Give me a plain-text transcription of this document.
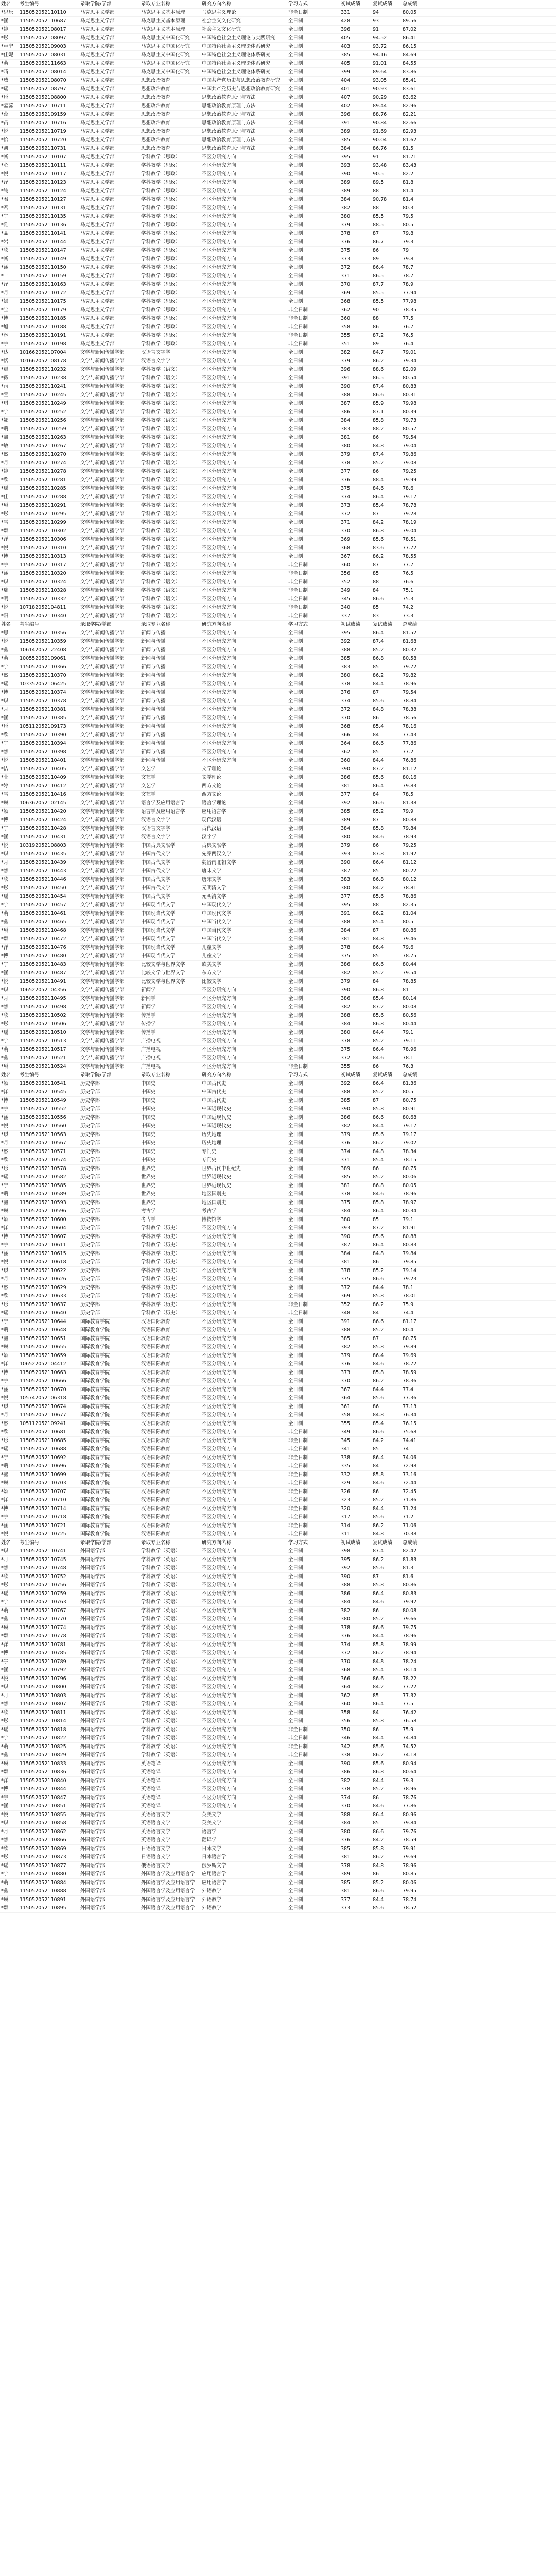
姓名	考生编号	录取学院/学部	录取专业名称	研究方向名称	学习方式	初试成绩	复试成绩	总成绩	
*思乐	115052052110110	马克思主义学部	马克思主义基本原理	马克思主义理论	非全日制	331	94	80.05	
*涵	115052052110687	马克思主义学部	马克思主义基本原理	社会主义文化研究	全日制	428	93	89.56	
*婷	115052052108017	马克思主义学部	马克思主义基本原理	社会主义文化研究	全日制	396	91	87.02	
*彤	115052052108097	马克思主义学部	马克思主义中国化研究	中国特色社会主义理论与实践研究	全日制	405	94.52	86.41	
*卓宁	115052052109003	马克思主义学部	马克思主义中国化研究	中国特色社会主义理论体系研究	全日制	403	93.72	86.15	
*佳妮	115052052108031	马克思主义学部	马克思主义中国化研究	中国特色社会主义理论体系研究	全日制	385	94.16	84.69	
*萌	115052052111663	马克思主义学部	马克思主义中国化研究	中国特色社会主义理论体系研究	全日制	405	91.01	84.55	
*晴	115052052108014	马克思主义学部	马克思主义中国化研究	中国特色社会主义理论体系研究	全日制	399	89.64	83.86	
*威	115052052108070	马克思主义学部	思想政治教育	中国共产党历史与思想政治教育研究	全日制	404	93.05	85.41	
*瑶	115052052108797	马克思主义学部	思想政治教育	中国共产党历史与思想政治教育研究	全日制	401	90.93	83.61	
*彤	115052052108800	马克思主义学部	思想政治教育	思想政治教育原理与方法	全日制	407	90.29	83.62	
*孟蕊	115052052110711	马克思主义学部	思想政治教育	思想政治教育原理与方法	全日制	402	89.44	82.96	
*蕊	115052052109159	马克思主义学部	思想政治教育	思想政治教育原理与方法	全日制	396	88.76	82.21	
*芮	115052052110716	马克思主义学部	思想政治教育	思想政治教育原理与方法	全日制	391	90.84	82.66	
*悦	115052052110719	马克思主义学部	思想政治教育	思想政治教育原理与方法	全日制	389	91.69	82.93	
*怡	115052052110720	马克思主义学部	思想政治教育	思想政治教育原理与方法	全日制	385	90.04	81.62	
*凯	115052052110731	马克思主义学部	思想政治教育	思想政治教育原理与方法	全日制	384	86.76	81.5	
*畅	115052052110107	马克思主义学部	学科教学（思政）	不区分研究方向	全日制	395	91	81.71	
*心	115052052110111	马克思主义学部	学科教学（思政）	不区分研究方向	全日制	393	93.48	83.43	
*悦	115052052110117	马克思主义学部	学科教学（思政）	不区分研究方向	全日制	390	90.5	82.2	
*泽	115052052110123	马克思主义学部	学科教学（思政）	不区分研究方向	全日制	389	89.5	81.8	
*纯	115052052110124	马克思主义学部	学科教学（思政）	不区分研究方向	全日制	389	88	81.4	
*君	115052052110127	马克思主义学部	学科教学（思政）	不区分研究方向	全日制	384	90.78	81.4	
*茗	115052052110131	马克思主义学部	学科教学（思政）	不区分研究方向	全日制	382	88	80.3	
*宇	115052052110135	马克思主义学部	学科教学（思政）	不区分研究方向	全日制	380	85.5	79.5	
*雅	115052052110136	马克思主义学部	学科教学（思政）	不区分研究方向	全日制	379	88.5	80.5	
*晶	115052052110141	马克思主义学部	学科教学（思政）	不区分研究方向	全日制	378	87	79.8	
*岩	115052052110144	马克思主义学部	学科教学（思政）	不区分研究方向	全日制	376	86.7	79.3	
*欣	115052052110147	马克思主义学部	学科教学（思政）	不区分研究方向	全日制	375	86	79	
*畅	115052052110149	马克思主义学部	学科教学（思政）	不区分研究方向	全日制	373	89	79.8	
*涵	115052052110150	马克思主义学部	学科教学（思政）	不区分研究方向	全日制	372	86.4	78.7	
*一	115052052110159	马克思主义学部	学科教学（思政）	不区分研究方向	全日制	371	86.5	78.7	
*泽	115052052110163	马克思主义学部	学科教学（思政）	不区分研究方向	全日制	370	87.7	78.9	
*月	115052052110172	马克思主义学部	学科教学（思政）	不区分研究方向	全日制	369	85.5	77.94	
*嫣	115052052110175	马克思主义学部	学科教学（思政）	不区分研究方向	全日制	368	85.5	77.98	
*宝	115052052110179	马克思主义学部	学科教学（思政）	不区分研究方向	非全日制	362	90	78.35	
*博	115052052110185	马克思主义学部	学科教学（思政）	不区分研究方向	非全日制	360	88	77.5	
*旭	115052052110188	马克思主义学部	学科教学（思政）	不区分研究方向	非全日制	358	86	76.7	
*林	115052052110191	马克思主义学部	学科教学（思政）	不区分研究方向	非全日制	355	87.2	76.5	
*宇	115052052110198	马克思主义学部	学科教学（思政）	不区分研究方向	非全日制	351	89	76.4	
*达	101662052107004	文学与新闻传播学部	汉语言文字学	不区分研究方向	全日制	382	84.7	79.01	
*恬	101662052108178	文学与新闻传播学部	汉语言文字学	不区分研究方向	全日制	379	86.2	79.34	
*晨	115052052110232	文学与新闻传播学部	学科教学（语文）	不区分研究方向	全日制	396	88.6	82.09	
*薇	115052052110238	文学与新闻传播学部	学科教学（语文）	不区分研究方向	全日制	391	86.5	80.54	
*雨	115052052110241	文学与新闻传播学部	学科教学（语文）	不区分研究方向	全日制	390	87.4	80.83	
*萱	115052052110245	文学与新闻传播学部	学科教学（语文）	不区分研究方向	全日制	388	86.6	80.31	
*琪	115052052110249	文学与新闻传播学部	学科教学（语文）	不区分研究方向	全日制	387	85.9	79.98	
*宁	115052052110252	文学与新闻传播学部	学科教学（语文）	不区分研究方向	全日制	386	87.1	80.39	
*娜	115052052110256	文学与新闻传播学部	学科教学（语文）	不区分研究方向	全日制	384	85.8	79.73	
*萌	115052052110259	文学与新闻传播学部	学科教学（语文）	不区分研究方向	全日制	383	88.2	80.57	
*鑫	115052052110263	文学与新闻传播学部	学科教学（语文）	不区分研究方向	全日制	381	86	79.54	
*敏	115052052110267	文学与新闻传播学部	学科教学（语文）	不区分研究方向	全日制	380	84.8	79.04	
*然	115052052110270	文学与新闻传播学部	学科教学（语文）	不区分研究方向	全日制	379	87.4	79.86	
*月	115052052110274	文学与新闻传播学部	学科教学（语文）	不区分研究方向	全日制	378	85.2	79.08	
*婷	115052052110278	文学与新闻传播学部	学科教学（语文）	不区分研究方向	全日制	377	86	79.25	
*欣	115052052110281	文学与新闻传播学部	学科教学（语文）	不区分研究方向	全日制	376	88.4	79.99	
*瑶	115052052110285	文学与新闻传播学部	学科教学（语文）	不区分研究方向	全日制	375	84.6	78.6	
*佳	115052052110288	文学与新闻传播学部	学科教学（语文）	不区分研究方向	全日制	374	86.4	79.17	
*琳	115052052110291	文学与新闻传播学部	学科教学（语文）	不区分研究方向	全日制	373	85.4	78.78	
*彤	115052052110295	文学与新闻传播学部	学科教学（语文）	不区分研究方向	全日制	372	87	79.28	
*雪	115052052110299	文学与新闻传播学部	学科教学（语文）	不区分研究方向	全日制	371	84.2	78.19	
*颖	115052052110302	文学与新闻传播学部	学科教学（语文）	不区分研究方向	全日制	370	86.8	79.04	
*洋	115052052110306	文学与新闻传播学部	学科教学（语文）	不区分研究方向	全日制	369	85.6	78.51	
*悦	115052052110310	文学与新闻传播学部	学科教学（语文）	不区分研究方向	全日制	368	83.6	77.72	
*博	115052052110313	文学与新闻传播学部	学科教学（语文）	不区分研究方向	全日制	367	86.2	78.55	
*宇	115052052110317	文学与新闻传播学部	学科教学（语文）	不区分研究方向	非全日制	360	87	77.7	
*涵	115052052110320	文学与新闻传播学部	学科教学（语文）	不区分研究方向	非全日制	356	85	76.5	
*琪	115052052110324	文学与新闻传播学部	学科教学（语文）	不区分研究方向	非全日制	352	88	76.6	
*瑞	115052052110328	文学与新闻传播学部	学科教学（语文）	不区分研究方向	非全日制	349	84	75.1	
*明	115052052110332	文学与新闻传播学部	学科教学（语文）	不区分研究方向	非全日制	345	86.6	75.3	
*悦	107182052104811	文学与新闻传播学部	学科教学（语文）	不区分研究方向	非全日制	340	85	74.2	
*阳	115052052110340	文学与新闻传播学部	学科教学（语文）	不区分研究方向	非全日制	337	83	73.3	
姓名	考生编号	录取学院/学部	录取专业名称	研究方向名称	学习方式	初试成绩	复试成绩	总成绩	
*思	115052052110356	文学与新闻传播学部	新闻与传播	不区分研究方向	全日制	395	86.4	81.52	
*悦	115052052110359	文学与新闻传播学部	新闻与传播	不区分研究方向	全日制	392	87.4	81.68	
*鑫	106142052122408	文学与新闻传播学部	新闻与传播	不区分研究方向	全日制	388	85.2	80.32	
*萌	100552052109061	文学与新闻传播学部	新闻与传播	不区分研究方向	全日制	385	86.8	80.58	
*宁	115052052110366	文学与新闻传播学部	新闻与传播	不区分研究方向	全日制	383	85	79.72	
*然	115052052110370	文学与新闻传播学部	新闻与传播	不区分研究方向	全日制	380	86.2	79.82	
*瑶	103352052106425	文学与新闻传播学部	新闻与传播	不区分研究方向	全日制	378	84.4	78.96	
*博	115052052110374	文学与新闻传播学部	新闻与传播	不区分研究方向	全日制	376	87	79.54	
*琪	115052052110378	文学与新闻传播学部	新闻与传播	不区分研究方向	全日制	374	85.6	78.84	
*月	115052052110381	文学与新闻传播学部	新闻与传播	不区分研究方向	全日制	372	84.8	78.38	
*涵	115052052110385	文学与新闻传播学部	新闻与传播	不区分研究方向	全日制	370	86	78.56	
*彤	105112052109173	文学与新闻传播学部	新闻与传播	不区分研究方向	全日制	368	85.4	78.16	
*欣	115052052110390	文学与新闻传播学部	新闻与传播	不区分研究方向	全日制	366	84	77.43	
*宇	115052052110394	文学与新闻传播学部	新闻与传播	不区分研究方向	全日制	364	86.6	77.86	
*然	115052052110398	文学与新闻传播学部	新闻与传播	不区分研究方向	全日制	362	85	77.2	
*悦	115052052110401	文学与新闻传播学部	新闻与传播	不区分研究方向	全日制	360	84.4	76.86	
*洁	115052052110405	文学与新闻传播学部	文艺学	文学理论	全日制	390	87.2	81.12	
*萱	115052052110409	文学与新闻传播学部	文艺学	文学理论	全日制	386	85.6	80.16	
*婷	115052052110412	文学与新闻传播学部	文艺学	西方文论	全日制	381	86.4	79.83	
*雪	115052052110416	文学与新闻传播学部	文艺学	西方文论	全日制	377	84	78.5	
*琳	106362052102145	文学与新闻传播学部	语言学及应用语言学	语言学理论	全日制	392	86.6	81.38	
*颖	115052052110420	文学与新闻传播学部	语言学及应用语言学	应用语言学	全日制	385	85.2	79.9	
*博	115052052110424	文学与新闻传播学部	汉语言文字学	现代汉语	全日制	389	87	80.88	
*宇	115052052110428	文学与新闻传播学部	汉语言文字学	古代汉语	全日制	384	85.8	79.84	
*涵	115052052110431	文学与新闻传播学部	汉语言文字学	汉字学	全日制	380	84.6	78.93	
*悦	103192052108803	文学与新闻传播学部	中国古典文献学	古典文献学	全日制	379	86	79.25	
*琪	115052052110435	文学与新闻传播学部	中国古代文学	先秦两汉文学	全日制	393	87.8	81.92	
*月	115052052110439	文学与新闻传播学部	中国古代文学	魏晋南北朝文学	全日制	390	86.4	81.12	
*然	115052052110443	文学与新闻传播学部	中国古代文学	唐宋文学	全日制	387	85	80.22	
*欣	115052052110446	文学与新闻传播学部	中国古代文学	唐宋文学	全日制	383	86.8	80.12	
*彤	115052052110450	文学与新闻传播学部	中国古代文学	元明清文学	全日制	380	84.2	78.81	
*瑶	115052052110454	文学与新闻传播学部	中国古代文学	元明清文学	全日制	377	85.6	78.86	
*宁	115052052110457	文学与新闻传播学部	中国现当代文学	中国现代文学	全日制	395	88	82.35	
*萌	115052052110461	文学与新闻传播学部	中国现当代文学	中国现代文学	全日制	391	86.2	81.04	
*鑫	115052052110465	文学与新闻传播学部	中国现当代文学	中国当代文学	全日制	388	85.4	80.5	
*琳	115052052110468	文学与新闻传播学部	中国现当代文学	中国当代文学	全日制	384	87	80.86	
*颖	115052052110472	文学与新闻传播学部	中国现当代文学	中国当代文学	全日制	381	84.8	79.46	
*洋	115052052110476	文学与新闻传播学部	中国现当代文学	儿童文学	全日制	378	86.4	79.6	
*博	115052052110480	文学与新闻传播学部	中国现当代文学	儿童文学	全日制	375	85	78.75	
*宇	115052052110483	文学与新闻传播学部	比较文学与世界文学	欧美文学	全日制	386	86.6	80.44	
*涵	115052052110487	文学与新闻传播学部	比较文学与世界文学	东方文学	全日制	382	85.2	79.54	
*悦	115052052110491	文学与新闻传播学部	比较文学与世界文学	比较文学	全日制	379	84	78.85	
*琪	106522052104356	文学与新闻传播学部	新闻学	不区分研究方向	全日制	390	86.8	81	
*月	115052052110495	文学与新闻传播学部	新闻学	不区分研究方向	全日制	386	85.4	80.14	
*然	115052052110498	文学与新闻传播学部	新闻学	不区分研究方向	全日制	382	87.2	80.08	
*欣	115052052110502	文学与新闻传播学部	传播学	不区分研究方向	全日制	388	85.6	80.56	
*彤	115052052110506	文学与新闻传播学部	传播学	不区分研究方向	全日制	384	86.8	80.44	
*瑶	115052052110510	文学与新闻传播学部	传播学	不区分研究方向	全日制	380	84.4	79.1	
*宁	115052052110513	文学与新闻传播学部	广播电视	不区分研究方向	全日制	378	85.2	79.11	
*萌	115052052110517	文学与新闻传播学部	广播电视	不区分研究方向	全日制	375	86.4	78.96	
*鑫	115052052110521	文学与新闻传播学部	广播电视	不区分研究方向	全日制	372	84.6	78.1	
*琳	115052052110524	文学与新闻传播学部	广播电视	不区分研究方向	非全日制	355	86	76.3	
姓名	考生编号	录取学院/学部	录取专业名称	研究方向名称	学习方式	初试成绩	复试成绩	总成绩	
*颖	115052052110541	历史学部	中国史	中国古代史	全日制	392	86.4	81.36	
*洋	115052052110545	历史学部	中国史	中国古代史	全日制	388	85.2	80.5	
*博	115052052110549	历史学部	中国史	中国古代史	全日制	385	87	80.75	
*宇	115052052110552	历史学部	中国史	中国近现代史	全日制	390	85.8	80.91	
*涵	115052052110556	历史学部	中国史	中国近现代史	全日制	386	86.6	80.68	
*悦	115052052110560	历史学部	中国史	中国近现代史	全日制	382	84.4	79.17	
*琪	115052052110563	历史学部	中国史	历史地理	全日制	379	85.6	79.17	
*月	115052052110567	历史学部	中国史	历史地理	全日制	376	86.2	79.02	
*然	115052052110571	历史学部	中国史	专门史	全日制	374	84.8	78.34	
*欣	115052052110574	历史学部	中国史	专门史	全日制	371	85.4	78.15	
*彤	115052052110578	历史学部	世界史	世界古代中世纪史	全日制	389	86	80.75	
*瑶	115052052110582	历史学部	世界史	世界近现代史	全日制	385	85.2	80.06	
*宁	115052052110585	历史学部	世界史	世界近现代史	全日制	381	86.8	80.05	
*萌	115052052110589	历史学部	世界史	地区国别史	全日制	378	84.6	78.96	
*鑫	115052052110593	历史学部	世界史	地区国别史	全日制	375	85.8	78.97	
*琳	115052052110596	历史学部	考古学	考古学	全日制	384	86.4	80.34	
*颖	115052052110600	历史学部	考古学	博物馆学	全日制	380	85	79.1	
*洋	115052052110604	历史学部	学科教学（历史）	不区分研究方向	全日制	393	87.2	81.91	
*博	115052052110607	历史学部	学科教学（历史）	不区分研究方向	全日制	390	85.6	80.88	
*宇	115052052110611	历史学部	学科教学（历史）	不区分研究方向	全日制	387	86.4	80.83	
*涵	115052052110615	历史学部	学科教学（历史）	不区分研究方向	全日制	384	84.8	79.84	
*悦	115052052110618	历史学部	学科教学（历史）	不区分研究方向	全日制	381	86	79.85	
*琪	115052052110622	历史学部	学科教学（历史）	不区分研究方向	全日制	378	85.2	79.14	
*月	115052052110626	历史学部	学科教学（历史）	不区分研究方向	全日制	375	86.6	79.23	
*然	115052052110629	历史学部	学科教学（历史）	不区分研究方向	全日制	372	84.4	78.1	
*欣	115052052110633	历史学部	学科教学（历史）	不区分研究方向	全日制	369	85.8	78.01	
*彤	115052052110637	历史学部	学科教学（历史）	不区分研究方向	非全日制	352	86.2	75.9	
*瑶	115052052110640	历史学部	学科教学（历史）	不区分研究方向	非全日制	348	84	74.4	
*宁	115052052110644	国际教育学院	汉语国际教育	不区分研究方向	全日制	391	86.6	81.17	
*萌	115052052110648	国际教育学院	汉语国际教育	不区分研究方向	全日制	388	85.2	80.4	
*鑫	115052052110651	国际教育学院	汉语国际教育	不区分研究方向	全日制	385	87	80.75	
*琳	115052052110655	国际教育学院	汉语国际教育	不区分研究方向	全日制	382	85.8	79.89	
*颖	115052052110659	国际教育学院	汉语国际教育	不区分研究方向	全日制	379	86.4	79.69	
*洋	106522052104412	国际教育学院	汉语国际教育	不区分研究方向	全日制	376	84.6	78.72	
*博	115052052110663	国际教育学院	汉语国际教育	不区分研究方向	全日制	373	85.8	78.59	
*宇	115052052110666	国际教育学院	汉语国际教育	不区分研究方向	全日制	370	86.2	78.36	
*涵	115052052110670	国际教育学院	汉语国际教育	不区分研究方向	全日制	367	84.4	77.4	
*悦	105742052106318	国际教育学院	汉语国际教育	不区分研究方向	全日制	364	85.6	77.36	
*琪	115052052110674	国际教育学院	汉语国际教育	不区分研究方向	全日制	361	86	77.13	
*月	115052052110677	国际教育学院	汉语国际教育	不区分研究方向	全日制	358	84.8	76.34	
*然	105112052109241	国际教育学院	汉语国际教育	不区分研究方向	全日制	355	85.4	76.15	
*欣	115052052110681	国际教育学院	汉语国际教育	不区分研究方向	非全日制	349	86.6	75.68	
*彤	115052052110685	国际教育学院	汉语国际教育	不区分研究方向	非全日制	345	84.2	74.41	
*瑶	115052052110688	国际教育学院	汉语国际教育	不区分研究方向	非全日制	341	85	74	
*宁	115052052110692	国际教育学院	汉语国际教育	不区分研究方向	非全日制	338	86.4	74.06	
*萌	115052052110696	国际教育学院	汉语国际教育	不区分研究方向	非全日制	335	84	72.98	
*鑫	115052052110699	国际教育学院	汉语国际教育	不区分研究方向	非全日制	332	85.8	73.16	
*琳	115052052110703	国际教育学院	汉语国际教育	不区分研究方向	非全日制	329	84.6	72.44	
*颖	115052052110707	国际教育学院	汉语国际教育	不区分研究方向	非全日制	326	86	72.45	
*洋	115052052110710	国际教育学院	汉语国际教育	不区分研究方向	非全日制	323	85.2	71.86	
*博	115052052110714	国际教育学院	汉语国际教育	不区分研究方向	非全日制	320	84.4	71.24	
*宇	115052052110718	国际教育学院	汉语国际教育	不区分研究方向	非全日制	317	85.6	71.2	
*涵	115052052110721	国际教育学院	汉语国际教育	不区分研究方向	非全日制	314	86.2	71.06	
*悦	115052052110725	国际教育学院	汉语国际教育	不区分研究方向	非全日制	311	84.8	70.38	
姓名	考生编号	录取学院/学部	录取专业名称	研究方向名称	学习方式	初试成绩	复试成绩	总成绩	
*琪	115052052110741	外国语学部	学科教学（英语）	不区分研究方向	全日制	398	87.4	82.42	
*月	115052052110745	外国语学部	学科教学（英语）	不区分研究方向	全日制	395	86.2	81.83	
*然	115052052110748	外国语学部	学科教学（英语）	不区分研究方向	全日制	392	85.6	81.3	
*欣	115052052110752	外国语学部	学科教学（英语）	不区分研究方向	全日制	390	87	81.6	
*彤	115052052110756	外国语学部	学科教学（英语）	不区分研究方向	全日制	388	85.8	80.86	
*瑶	115052052110759	外国语学部	学科教学（英语）	不区分研究方向	全日制	386	86.4	80.83	
*宁	115052052110763	外国语学部	学科教学（英语）	不区分研究方向	全日制	384	84.6	79.92	
*萌	115052052110767	外国语学部	学科教学（英语）	不区分研究方向	全日制	382	86	80.08	
*鑫	115052052110770	外国语学部	学科教学（英语）	不区分研究方向	全日制	380	85.2	79.66	
*琳	115052052110774	外国语学部	学科教学（英语）	不区分研究方向	全日制	378	86.6	79.75	
*颖	115052052110778	外国语学部	学科教学（英语）	不区分研究方向	全日制	376	84.4	78.96	
*洋	115052052110781	外国语学部	学科教学（英语）	不区分研究方向	全日制	374	85.8	78.99	
*博	115052052110785	外国语学部	学科教学（英语）	不区分研究方向	全日制	372	86.2	78.94	
*宇	115052052110789	外国语学部	学科教学（英语）	不区分研究方向	全日制	370	84.8	78.24	
*涵	115052052110792	外国语学部	学科教学（英语）	不区分研究方向	全日制	368	85.4	78.14	
*悦	115052052110796	外国语学部	学科教学（英语）	不区分研究方向	全日制	366	86.6	78.22	
*琪	115052052110800	外国语学部	学科教学（英语）	不区分研究方向	全日制	364	84.2	77.22	
*月	115052052110803	外国语学部	学科教学（英语）	不区分研究方向	全日制	362	85	77.32	
*然	115052052110807	外国语学部	学科教学（英语）	不区分研究方向	全日制	360	86.4	77.5	
*欣	115052052110811	外国语学部	学科教学（英语）	不区分研究方向	全日制	358	84	76.42	
*彤	115052052110814	外国语学部	学科教学（英语）	不区分研究方向	全日制	356	85.8	76.58	
*瑶	115052052110818	外国语学部	学科教学（英语）	不区分研究方向	非全日制	350	86	75.9	
*宁	115052052110822	外国语学部	学科教学（英语）	不区分研究方向	非全日制	346	84.4	74.84	
*萌	115052052110825	外国语学部	学科教学（英语）	不区分研究方向	非全日制	342	85.6	74.52	
*鑫	115052052110829	外国语学部	学科教学（英语）	不区分研究方向	非全日制	338	86.2	74.18	
*琳	115052052110833	外国语学部	英语笔译	不区分研究方向	全日制	390	85.6	80.94	
*颖	115052052110836	外国语学部	英语笔译	不区分研究方向	全日制	386	86.8	80.64	
*洋	115052052110840	外国语学部	英语笔译	不区分研究方向	全日制	382	84.4	79.3	
*博	115052052110844	外国语学部	英语笔译	不区分研究方向	全日制	378	85.2	78.96	
*宇	115052052110847	外国语学部	英语笔译	不区分研究方向	全日制	374	86	78.76	
*涵	115052052110851	外国语学部	英语笔译	不区分研究方向	全日制	370	84.6	77.86	
*悦	115052052110855	外国语学部	英语语言文学	英美文学	全日制	388	86.4	80.96	
*琪	115052052110858	外国语学部	英语语言文学	英美文学	全日制	384	85	79.84	
*月	115052052110862	外国语学部	英语语言文学	语言学	全日制	380	86.6	79.76	
*然	115052052110866	外国语学部	英语语言文学	翻译学	全日制	376	84.2	78.59	
*欣	115052052110869	外国语学部	日语语言文学	日本文学	全日制	385	85.8	79.91	
*彤	115052052110873	外国语学部	日语语言文学	日本语言学	全日制	381	86.2	79.69	
*瑶	115052052110877	外国语学部	俄语语言文学	俄罗斯文学	全日制	378	84.8	78.96	
*宁	115052052110880	外国语学部	外国语言学及应用语言学	应用语言学	全日制	389	86	80.85	
*萌	115052052110884	外国语学部	外国语言学及应用语言学	应用语言学	全日制	385	85.2	80.06	
*鑫	115052052110888	外国语学部	外国语言学及应用语言学	外语教学	全日制	381	86.6	79.95	
*琳	115052052110891	外国语学部	外国语言学及应用语言学	外语教学	全日制	377	84.4	78.74	
*颖	115052052110895	外国语学部	外国语言学及应用语言学	外语教学	全日制	373	85.6	78.52	
